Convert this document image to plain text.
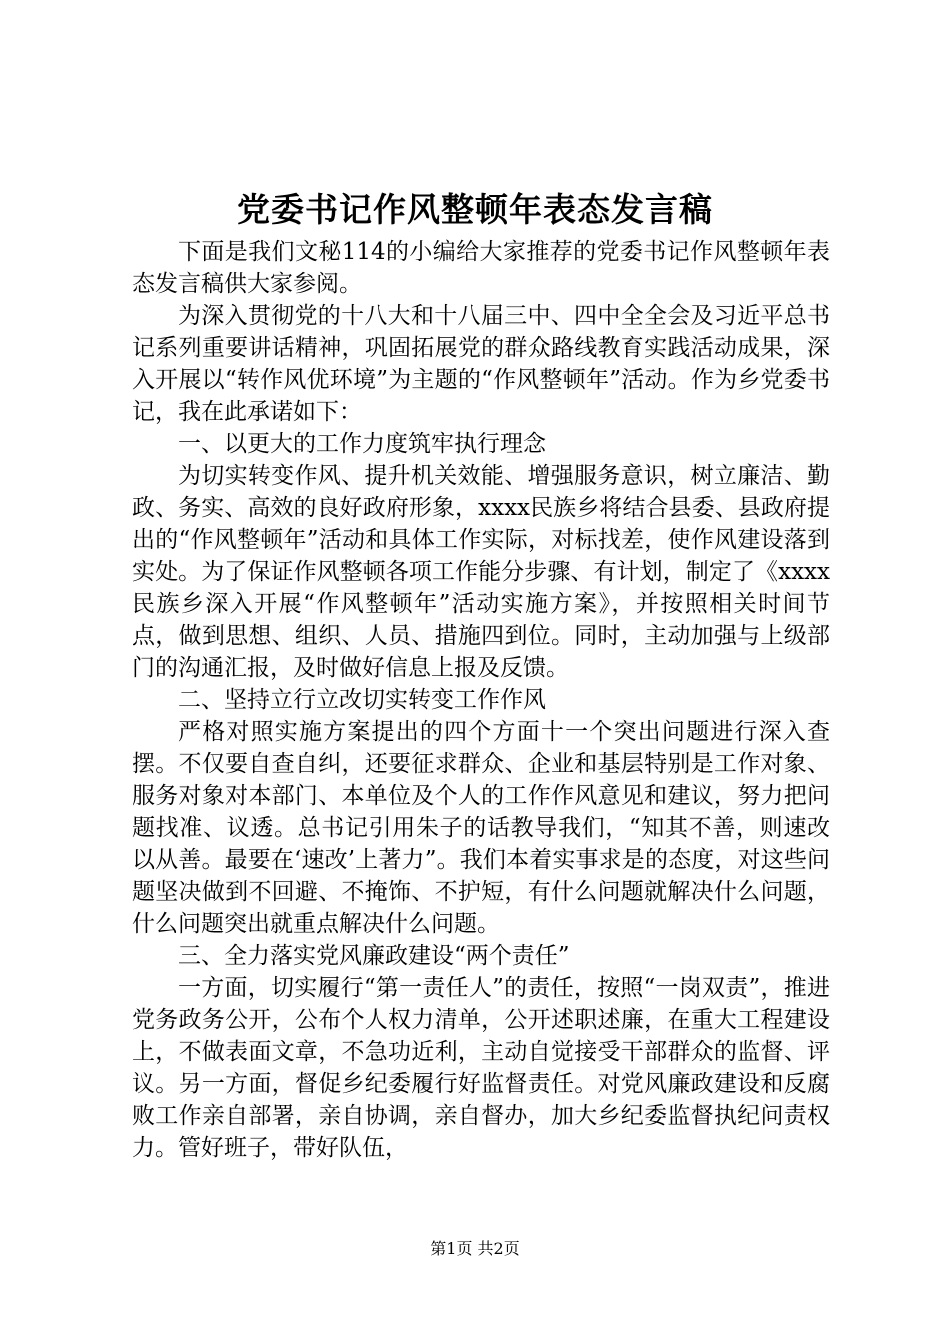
党委书记作风整顿年表态发言稿

下面是我们文秘114的小编给大家推荐的党委书记作风整顿年表态发言稿供大家参阅。

为深入贯彻党的十八大和十八届三中、四中全全会及习近平总书记系列重要讲话精神，巩固拓展党的群众路线教育实践活动成果，深入开展以“转作风优环境”为主题的“作风整顿年”活动。作为乡党委书记，我在此承诺如下：

一、以更大的工作力度筑牢执行理念

为切实转变作风、提升机关效能、增强服务意识，树立廉洁、勤政、务实、高效的良好政府形象，xxxx民族乡将结合县委、县政府提出的“作风整顿年”活动和具体工作实际，对标找差，使作风建设落到实处。为了保证作风整顿各项工作能分步骤、有计划，制定了《xxxx民族乡深入开展“作风整顿年”活动实施方案》，并按照相关时间节点，做到思想、组织、人员、措施四到位。同时，主动加强与上级部门的沟通汇报，及时做好信息上报及反馈。

二、坚持立行立改切实转变工作作风

严格对照实施方案提出的四个方面十一个突出问题进行深入查摆。不仅要自查自纠，还要征求群众、企业和基层特别是工作对象、服务对象对本部门、本单位及个人的工作作风意见和建议，努力把问题找准、议透。总书记引用朱子的话教导我们，“知其不善，则速改以从善。最要在‘速改’上著力”。我们本着实事求是的态度，对这些问题坚决做到不回避、不掩饰、不护短，有什么问题就解决什么问题，什么问题突出就重点解决什么问题。

三、全力落实党风廉政建设“两个责任”

一方面，切实履行“第一责任人”的责任，按照“一岗双责”，推进党务政务公开，公布个人权力清单，公开述职述廉，在重大工程建设上，不做表面文章，不急功近利，主动自觉接受干部群众的监督、评议。另一方面，督促乡纪委履行好监督责任。对党风廉政建设和反腐败工作亲自部署，亲自协调，亲自督办，加大乡纪委监督执纪问责权力。管好班子，带好队伍，

第1页 共2页
